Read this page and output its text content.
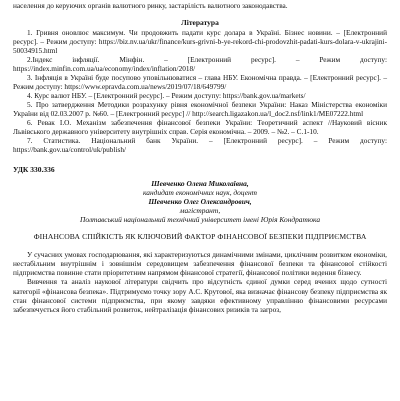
населення до керуючих органів валютного ринку, застарілість валютного законодавства.

Література
1. Гривня оновлює максимум. Чи продовжить падати курс долара в Україні. Бізнес новини. – [Електронний ресурс]. – Режим доступу: https://biz.nv.ua/ukr/finance/kurs-grivni-b-ye-rekord-chi-prodovzhit-padati-kurs-dolara-v-ukrajini-50034915.html
2.Індекс інфляції. Мінфін. – [Електронний ресурс]. – Режим доступу: https://index.minfin.com.ua/ua/economy/index/inflation/2018/
3. Інфляція в Україні буде посупово уповільнюватися – глава НБУ. Економічна правда. – [Електронний ресурс]. – Режим доступу: https://www.epravda.com.ua/news/2019/07/18/649799/
4. Курс валют НБУ. – [Електронний ресурс]. – Режим доступу: https://bank.gov.ua/markets/
5. Про затвердження Методики розрахунку рівня економічної безпеки України: Наказ Міністерства економіки України від 02.03.2007 р. №60. – [Електронний ресурс] // http://search.ligazakon.ua/l_doc2.nsf/link1/ME07222.html
6. Ревак І.О. Механізм забезпечення фінансової безпеки України: Теоретичний аспект //Науковий вісник Львівського державного університету внутрішніх справ. Серія економічна. – 2009. – №2. – С.1-10.
7. Статистика. Національний банк України. – [Електронний ресурс]. – Режим доступу: https://bank.gov.ua/control/uk/publish/
УДК 330.336

Шевченко Олена Миколаївна,

кандидат економічних наук, доцент

Шевченко Олег Олександрович,

магістрант,

Полтавський національний технічний університет імені Юрія Кондратюка

ФІНАНСОВА СПІЙКІСТЬ ЯК КЛЮЧОВИЙ ФАКТОР ФІНАНСОВОЇ БЕЗПЕКИ ПІДПРИЄМСТВА

У сучасних умовах господарювання, які характеризуються динамічними змінами, циклічним розвитком економіки, нестабільним внутрішнім і зовнішнім середовищем забезпечення фінансової безпеки та фінансової стійкості підприємства повинне стати пріоритетним напрямом фінансової стратегії, фінансової політики ведення бізнесу.

Вивчення та аналіз наукової літератури свідчить про відсутність єдиної думки серед вчених щодо сутності категорії «фінансова безпека». Підтримуємо точку зору А.С. Крутової, яка визначає фінансову безпеку підприємства як стан фінансової системи підприємства, при якому завдяки ефективному управлінню фінансовими ресурсами забезпечується його стабільний розвиток, нейтралізація фінансових ризиків та загроз,
